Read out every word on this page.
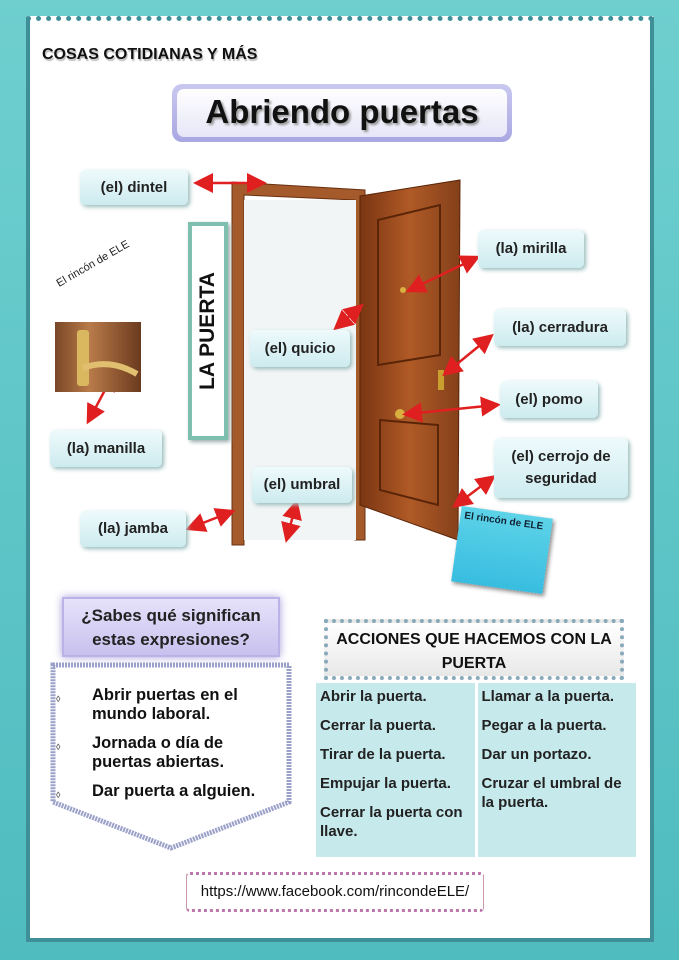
COSAS COTIDIANAS Y MÁS
Abriendo puertas
(el) dintel
(la) mirilla
(la) cerradura
(el) quicio
(el) pomo
(la) manilla	(el) cerrojo de seguridad
(el) umbral
(la) jamba
LA PUERTA
El rincón de ELE
El rincón de ELE
¿Sabes qué significan estas expresiones?
◊ Abrir puertas en el mundo laboral.
◊ Jornada o día de puertas abiertas.
◊ Dar puerta a alguien.
ACCIONES QUE HACEMOS CON LA PUERTA
Abrir la puerta.
Cerrar la puerta.
Tirar de la puerta.
Empujar la puerta.
Cerrar la puerta con llave.
Llamar a la puerta.
Pegar a la puerta.
Dar un portazo.
Cruzar el umbral de la puerta.
https://www.facebook.com/rincondeELE/
